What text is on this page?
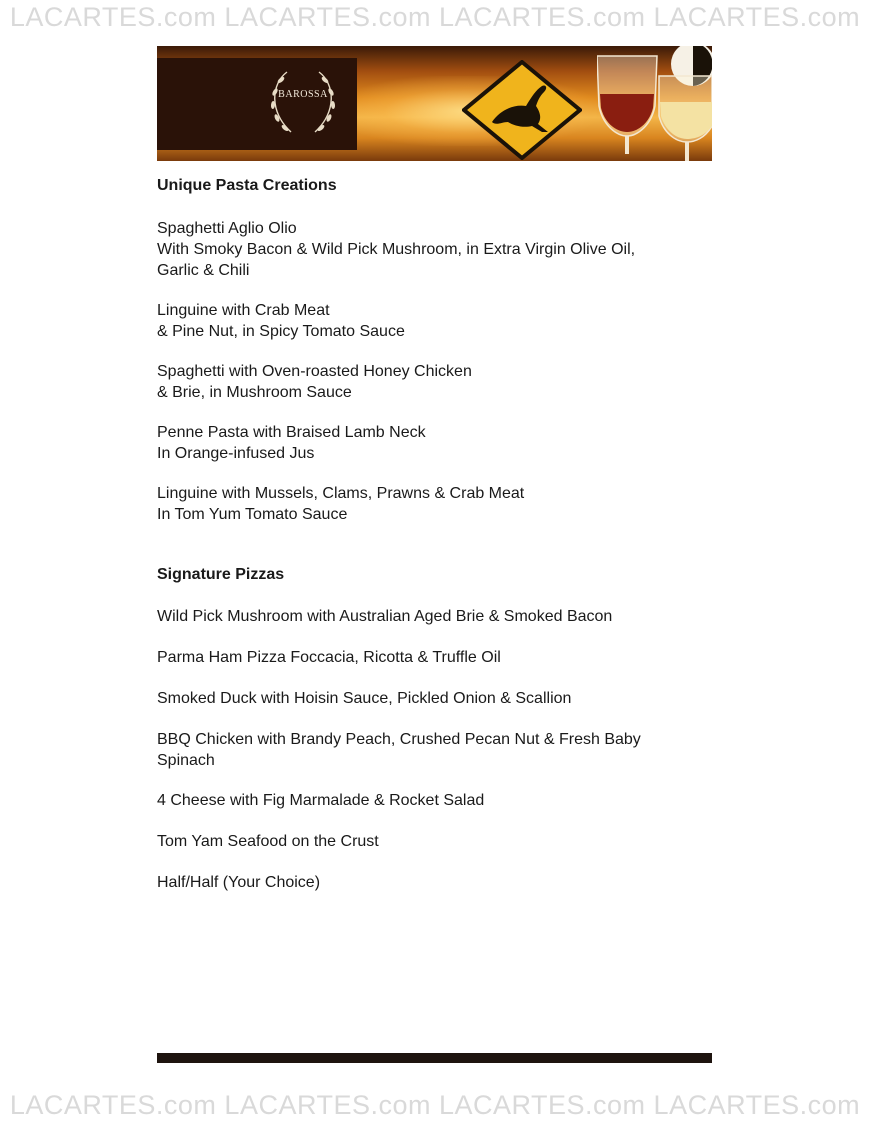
LACARTES.com LACARTES.com LACARTES.com LACARTES.com
BAROSSA
Unique Pasta Creations
Spaghetti Aglio Olio
With Smoky Bacon & Wild Pick Mushroom, in Extra Virgin Olive Oil,
Garlic & Chili
Linguine with Crab Meat
& Pine Nut, in Spicy Tomato Sauce
Spaghetti with Oven-roasted Honey Chicken
& Brie, in Mushroom Sauce
Penne Pasta with Braised Lamb Neck
In Orange-infused Jus
Linguine with Mussels, Clams, Prawns & Crab Meat
In Tom Yum Tomato Sauce
Signature Pizzas
Wild Pick Mushroom with Australian Aged Brie & Smoked Bacon
Parma Ham Pizza Foccacia, Ricotta & Truffle Oil
Smoked Duck with Hoisin Sauce, Pickled Onion & Scallion
BBQ Chicken with Brandy Peach, Crushed Pecan Nut & Fresh Baby
Spinach
4 Cheese with Fig Marmalade & Rocket Salad
Tom Yam Seafood on the Crust
Half/Half (Your Choice)
LACARTES.com LACARTES.com LACARTES.com LACARTES.com
